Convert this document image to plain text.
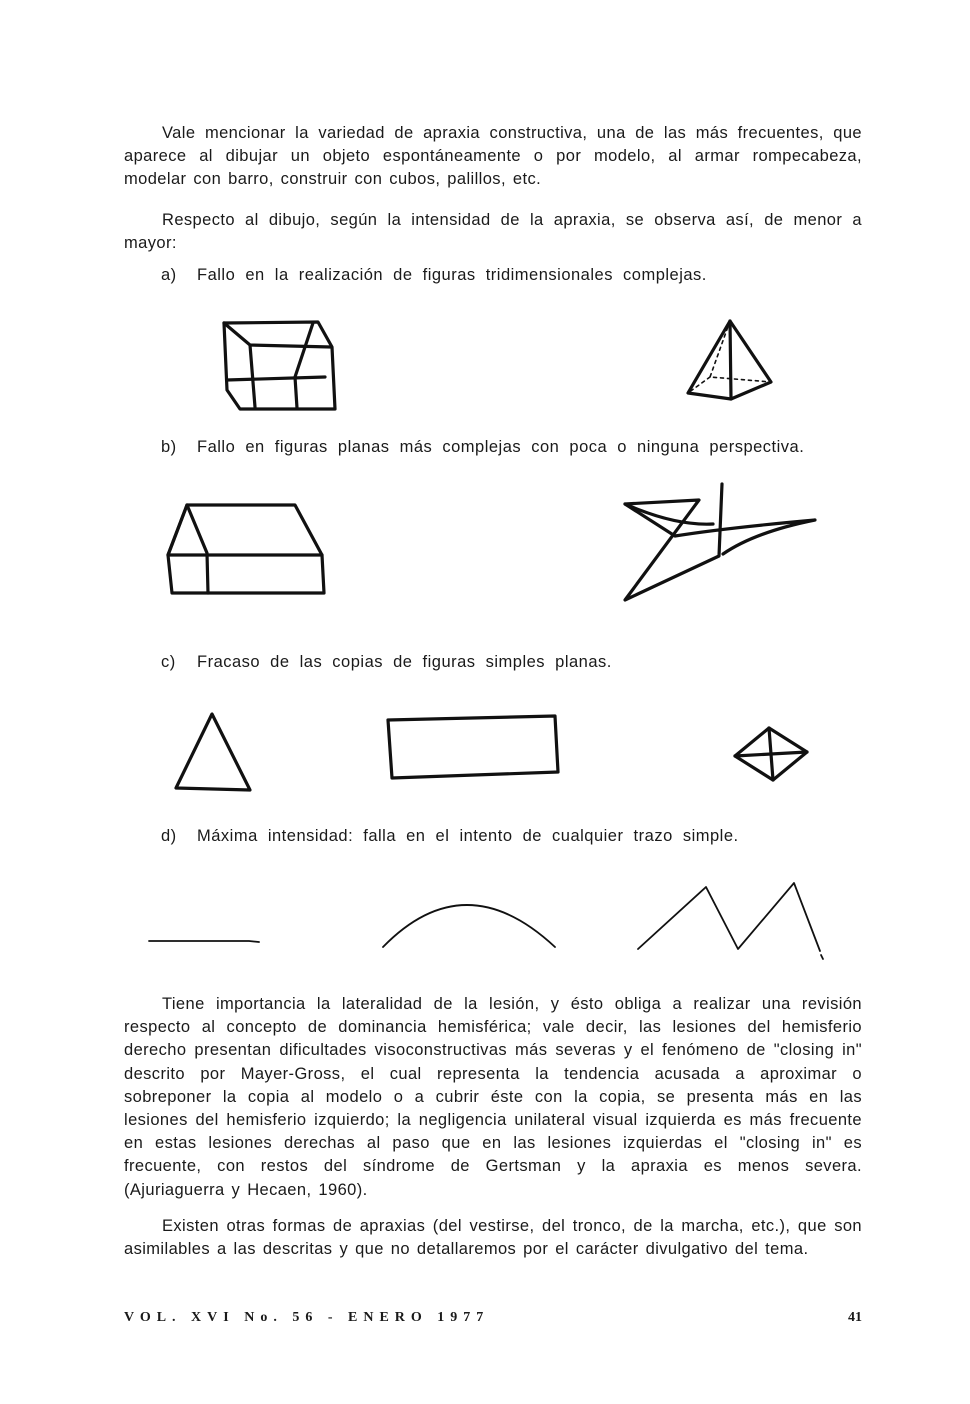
Vale mencionar la variedad de apraxia constructiva, una de las más frecuentes, que aparece al dibujar un objeto espontáneamente o por modelo, al armar rompecabeza, modelar con barro, construir con cubos, palillos, etc.

Respecto al dibujo, según la intensidad de la apraxia, se observa así, de menor a mayor:

a) Fallo en la realización de figuras tridimensionales complejas.

b) Fallo en figuras planas más complejas con poca o ninguna perspectiva.

c) Fracaso de las copias de figuras simples planas.

d) Máxima intensidad: falla en el intento de cualquier trazo simple.

Tiene importancia la lateralidad de la lesión, y ésto obliga a realizar una revisión respecto al concepto de dominancia hemisférica; vale decir, las lesiones del hemisferio derecho presentan dificultades visoconstructivas más severas y el fenómeno de "closing in" descrito por Mayer-Gross, el cual representa la tendencia acusada a aproximar o sobreponer la copia al modelo o a cubrir éste con la copia, se presenta más en las lesiones del hemisferio izquierdo; la negligencia unilateral visual izquierda es más frecuente en estas lesiones derechas al paso que en las lesiones izquierdas el "closing in" es frecuente, con restos del síndrome de Gertsman y la apraxia es menos severa. (Ajuriaguerra y Hecaen, 1960).

Existen otras formas de apraxias (del vestirse, del tronco, de la marcha, etc.), que son asimilables a las descritas y que no detallaremos por el carácter divulgativo del tema.

VOL. XVI No. 56 - ENERO 1977	41
